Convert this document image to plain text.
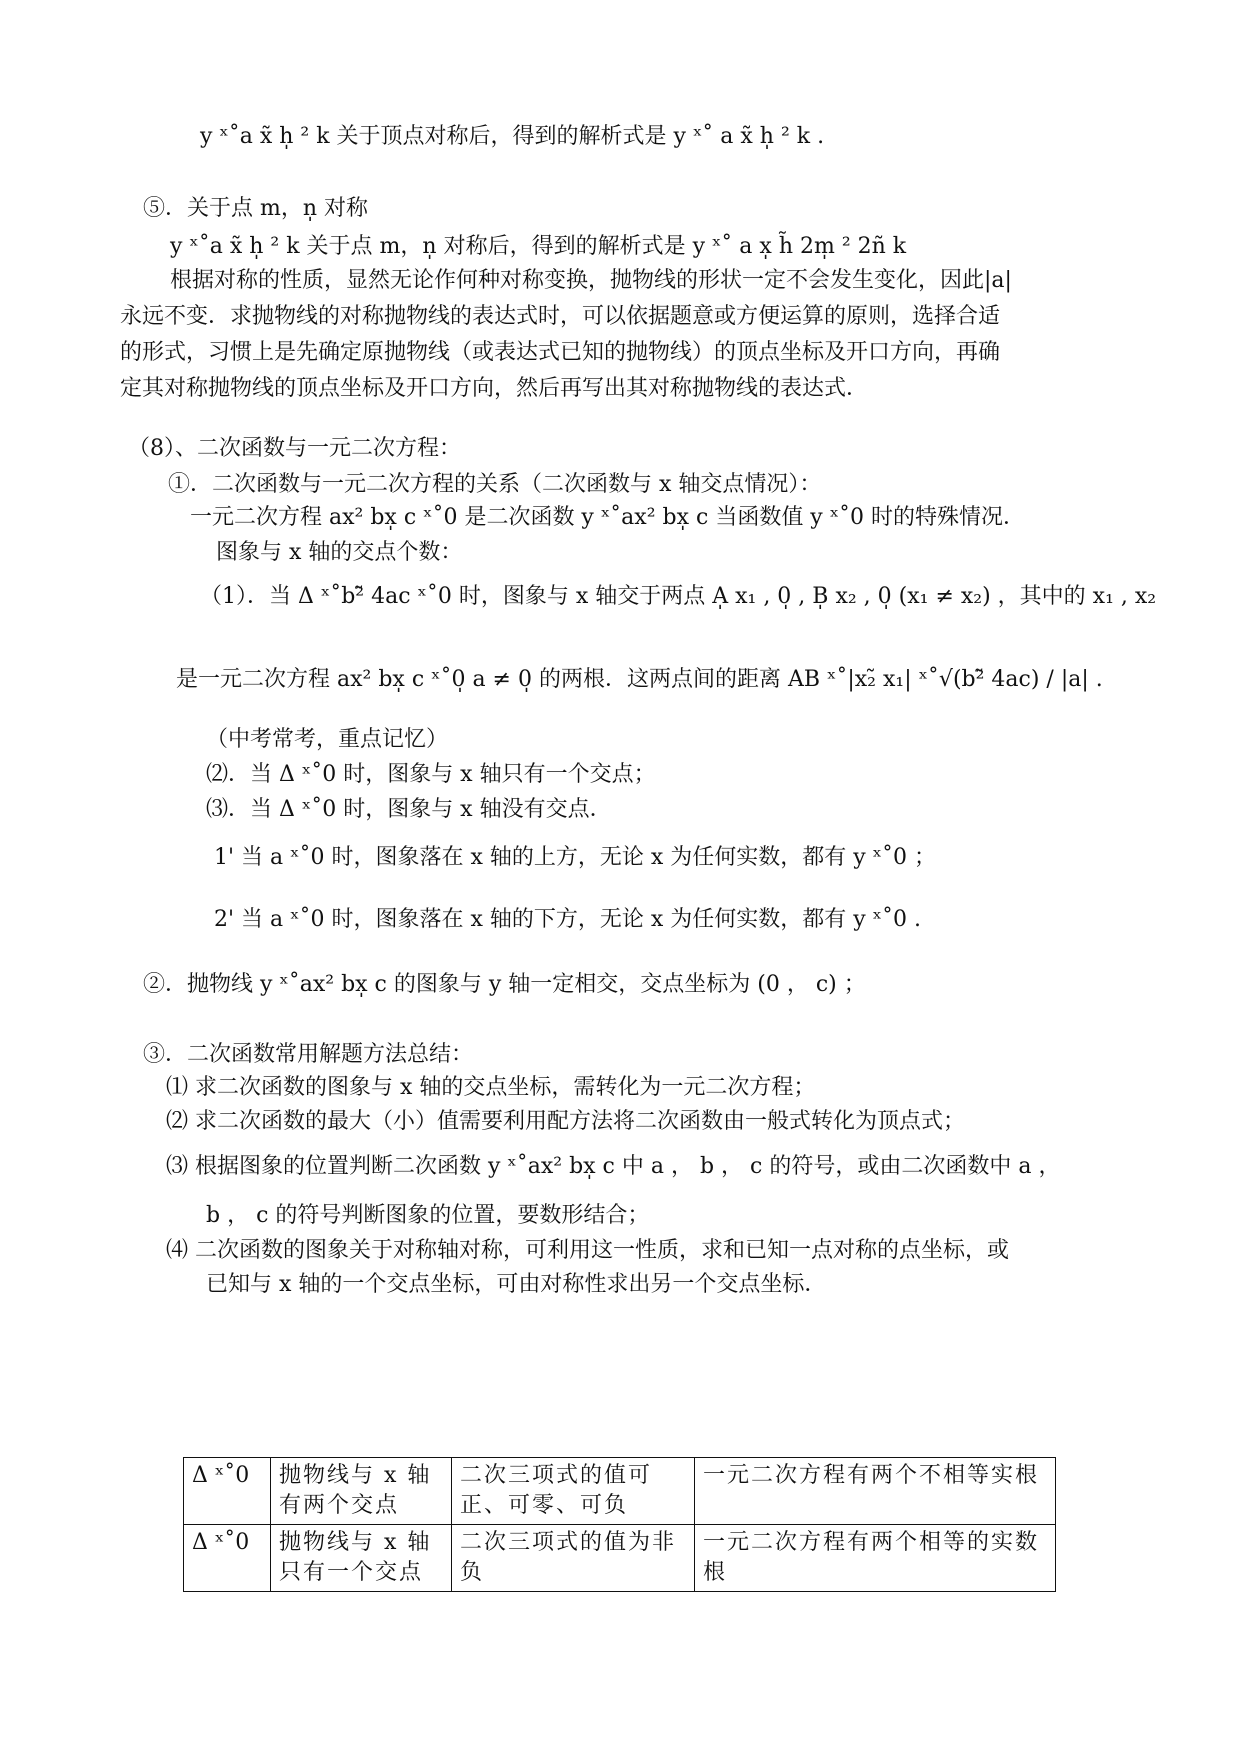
y ˣ˚a x̃ h̩ ² k 关于顶点对称后，得到的解析式是 y ˣ˚ a x̃ h̩ ² k .
⑤．关于点 m，n̩ 对称
y ˣ˚a x̃ h̩ ² k 关于点 m，n̩ 对称后，得到的解析式是 y ˣ˚ a x̩ h̃ 2m̩ ² 2ñ k
根据对称的性质，显然无论作何种对称变换，抛物线的形状一定不会发生变化，因此|a|
永远不变．求抛物线的对称抛物线的表达式时，可以依据题意或方便运算的原则，选择合适
的形式，习惯上是先确定原抛物线（或表达式已知的抛物线）的顶点坐标及开口方向，再确
定其对称抛物线的顶点坐标及开口方向，然后再写出其对称抛物线的表达式．
（8）、二次函数与一元二次方程：
①．二次函数与一元二次方程的关系（二次函数与 x 轴交点情况）：
一元二次方程 ax² bx̩ c ˣ˚0 是二次函数 y ˣ˚ax² bx̩ c 当函数值 y ˣ˚0 时的特殊情况．
图象与 x 轴的交点个数：
（1）．当 Δ ˣ˚b²̃ 4ac ˣ˚0 时，图象与 x 轴交于两点 A̩ x₁ , 0̩ , B̩ x₂ , 0̩ (x₁ ≠ x₂) ，其中的 x₁ , x₂
是一元二次方程 ax² bx̩ c ˣ˚0̩ a ≠ 0̩ 的两根．这两点间的距离 AB ˣ˚|x₂̃ x₁| ˣ˚√(b²̃ 4ac) / |a| .
（中考常考，重点记忆）
⑵．当 Δ ˣ˚0 时，图象与 x 轴只有一个交点；
⑶．当 Δ ˣ˚0 时，图象与 x 轴没有交点．
1' 当 a ˣ˚0 时，图象落在 x 轴的上方，无论 x 为任何实数，都有 y ˣ˚0 ；
2' 当 a ˣ˚0 时，图象落在 x 轴的下方，无论 x 为任何实数，都有 y ˣ˚0 .
②．抛物线 y ˣ˚ax² bx̩ c 的图象与 y 轴一定相交，交点坐标为 (0 ， c) ；
③．二次函数常用解题方法总结：
⑴ 求二次函数的图象与 x 轴的交点坐标，需转化为一元二次方程；
⑵ 求二次函数的最大（小）值需要利用配方法将二次函数由一般式转化为顶点式；
⑶ 根据图象的位置判断二次函数 y ˣ˚ax² bx̩ c 中 a ， b ， c 的符号，或由二次函数中 a ，
b ， c 的符号判断图象的位置，要数形结合；
⑷ 二次函数的图象关于对称轴对称，可利用这一性质，求和已知一点对称的点坐标，或
已知与 x 轴的一个交点坐标，可由对称性求出另一个交点坐标．
Δ ˣ˚0	抛物线与 x 轴有两个交点	二次三项式的值可正、可零、可负	一元二次方程有两个不相等实根
Δ ˣ˚0	抛物线与 x 轴只有一个交点	二次三项式的值为非负	一元二次方程有两个相等的实数根
